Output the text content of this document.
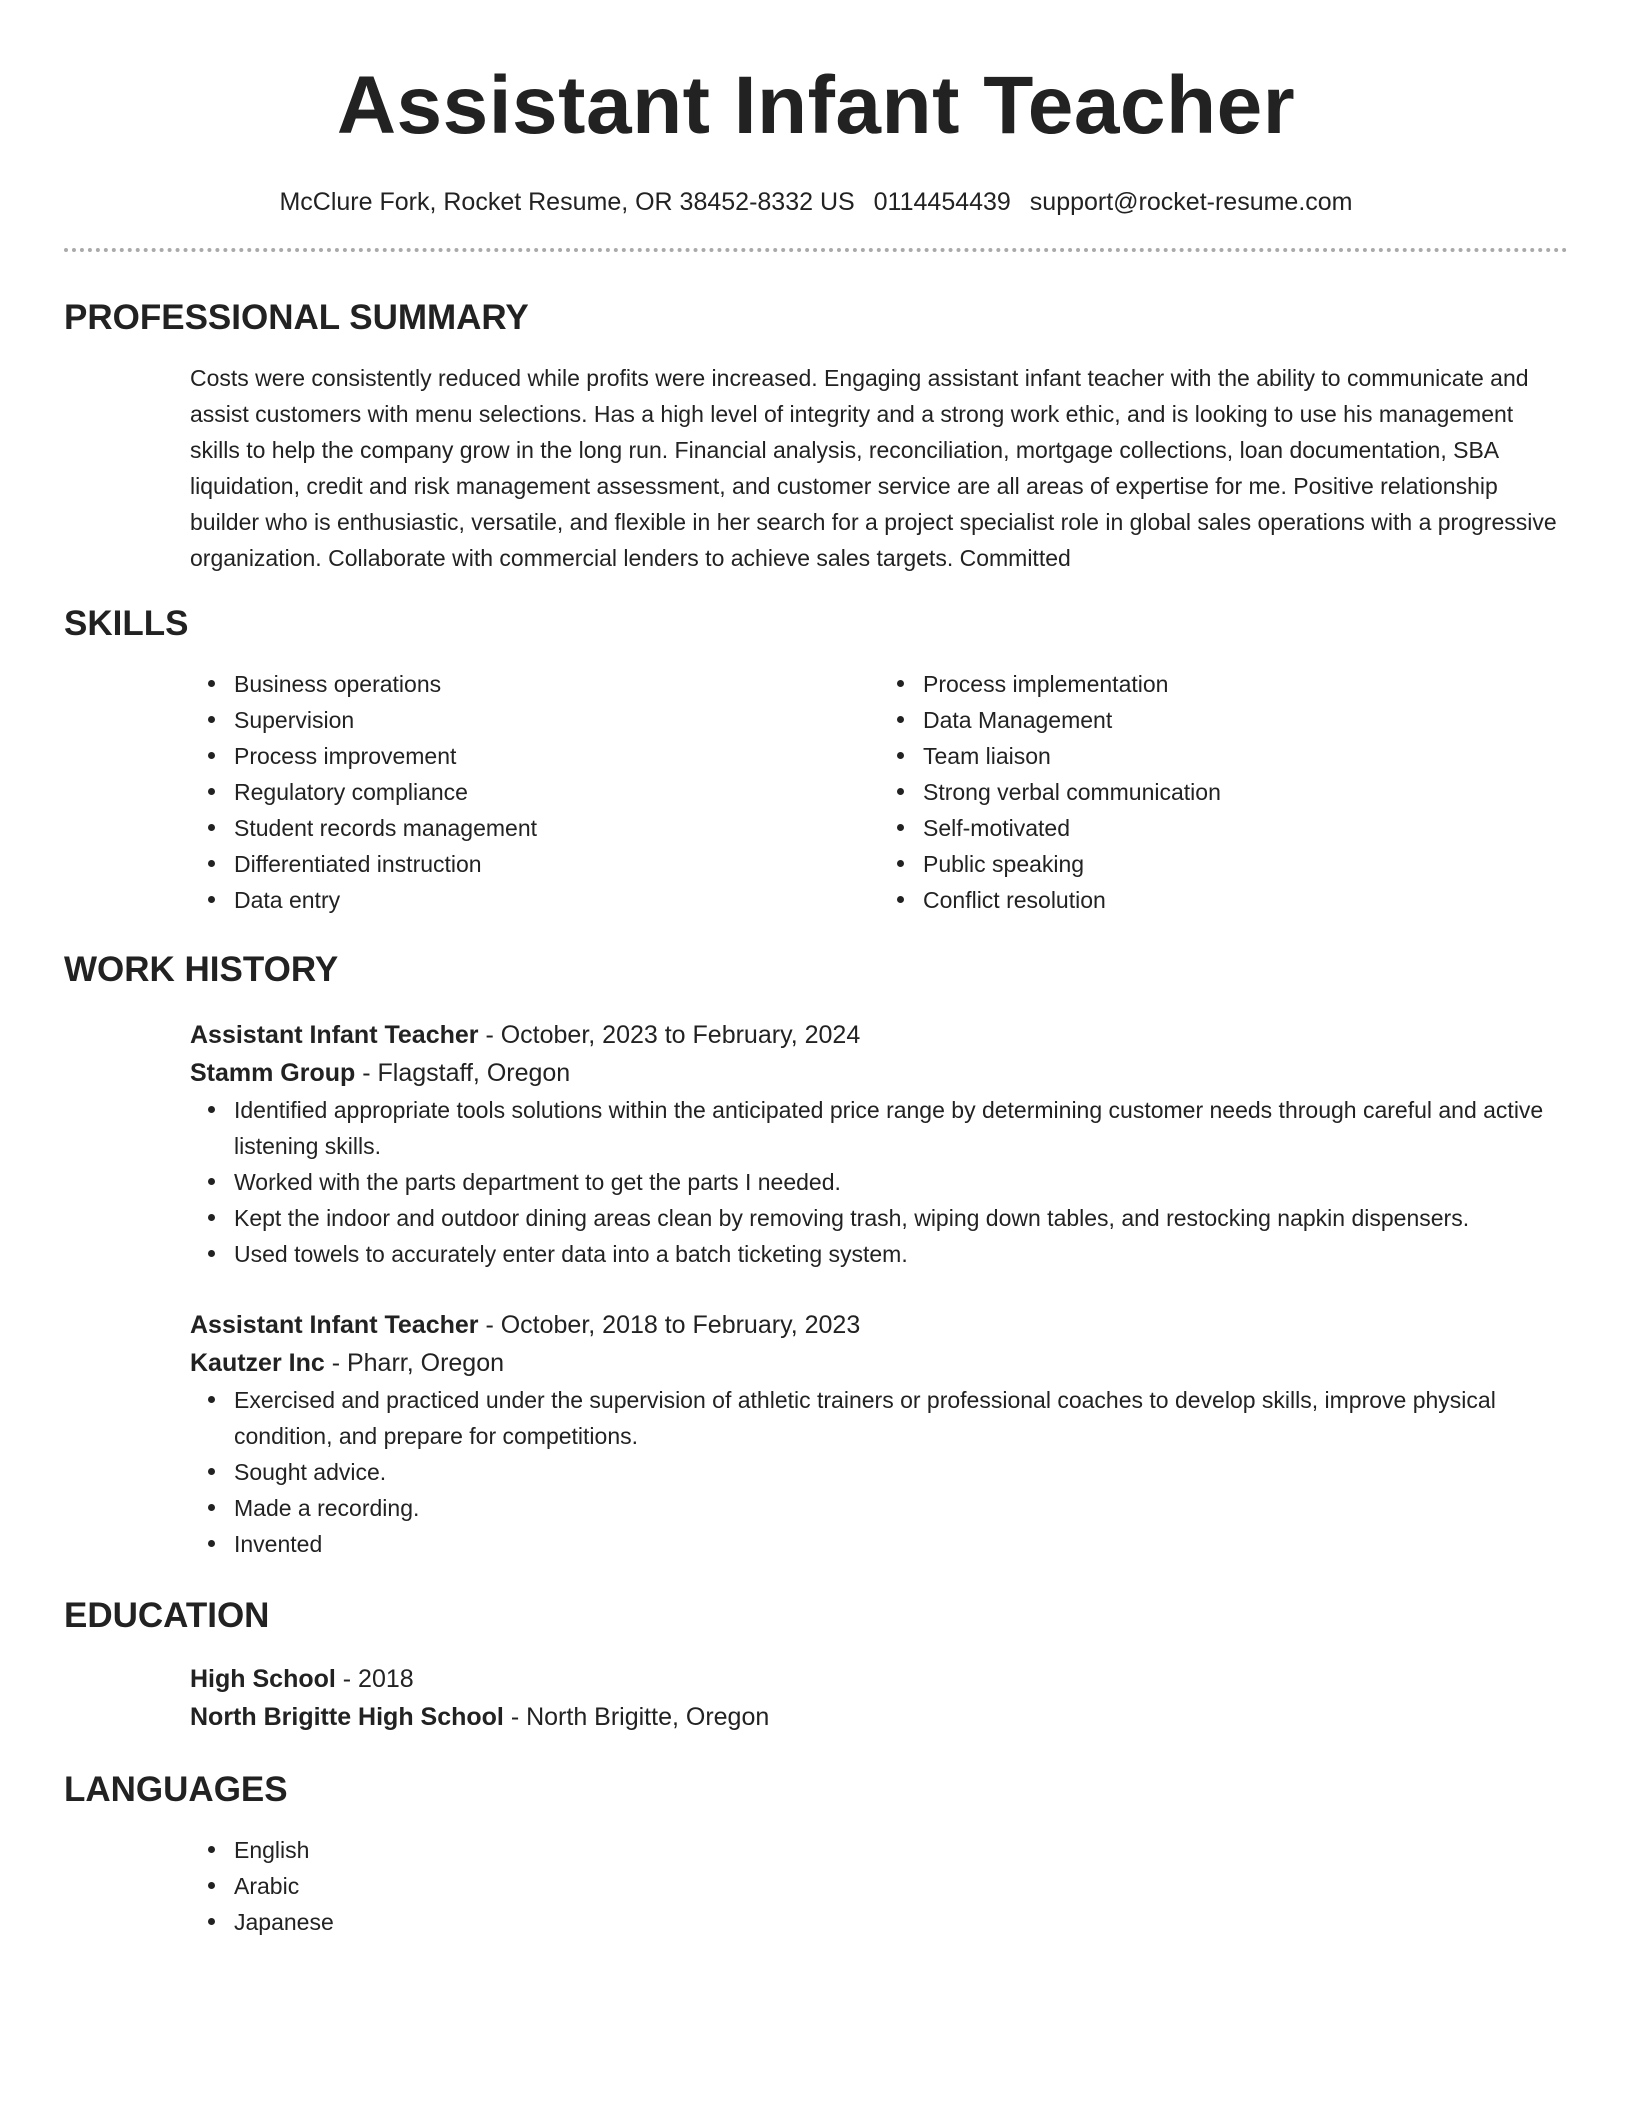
Assistant Infant Teacher
McClure Fork, Rocket Resume, OR 38452-8332 US 0114454439 support@rocket-resume.com
PROFESSIONAL SUMMARY
Costs were consistently reduced while profits were increased. Engaging assistant infant teacher with the ability to communicate and assist customers with menu selections. Has a high level of integrity and a strong work ethic, and is looking to use his management skills to help the company grow in the long run. Financial analysis, reconciliation, mortgage collections, loan documentation, SBA liquidation, credit and risk management assessment, and customer service are all areas of expertise for me. Positive relationship builder who is enthusiastic, versatile, and flexible in her search for a project specialist role in global sales operations with a progressive organization. Collaborate with commercial lenders to achieve sales targets. Committed
SKILLS
Business operations
Supervision
Process improvement
Regulatory compliance
Student records management
Differentiated instruction
Data entry
Process implementation
Data Management
Team liaison
Strong verbal communication
Self-motivated
Public speaking
Conflict resolution
WORK HISTORY
Assistant Infant Teacher - October, 2023 to February, 2024
Stamm Group - Flagstaff, Oregon
Identified appropriate tools solutions within the anticipated price range by determining customer needs through careful and active listening skills.
Worked with the parts department to get the parts I needed.
Kept the indoor and outdoor dining areas clean by removing trash, wiping down tables, and restocking napkin dispensers.
Used towels to accurately enter data into a batch ticketing system.
Assistant Infant Teacher - October, 2018 to February, 2023
Kautzer Inc - Pharr, Oregon
Exercised and practiced under the supervision of athletic trainers or professional coaches to develop skills, improve physical condition, and prepare for competitions.
Sought advice.
Made a recording.
Invented
EDUCATION
High School - 2018
North Brigitte High School - North Brigitte, Oregon
LANGUAGES
English
Arabic
Japanese
